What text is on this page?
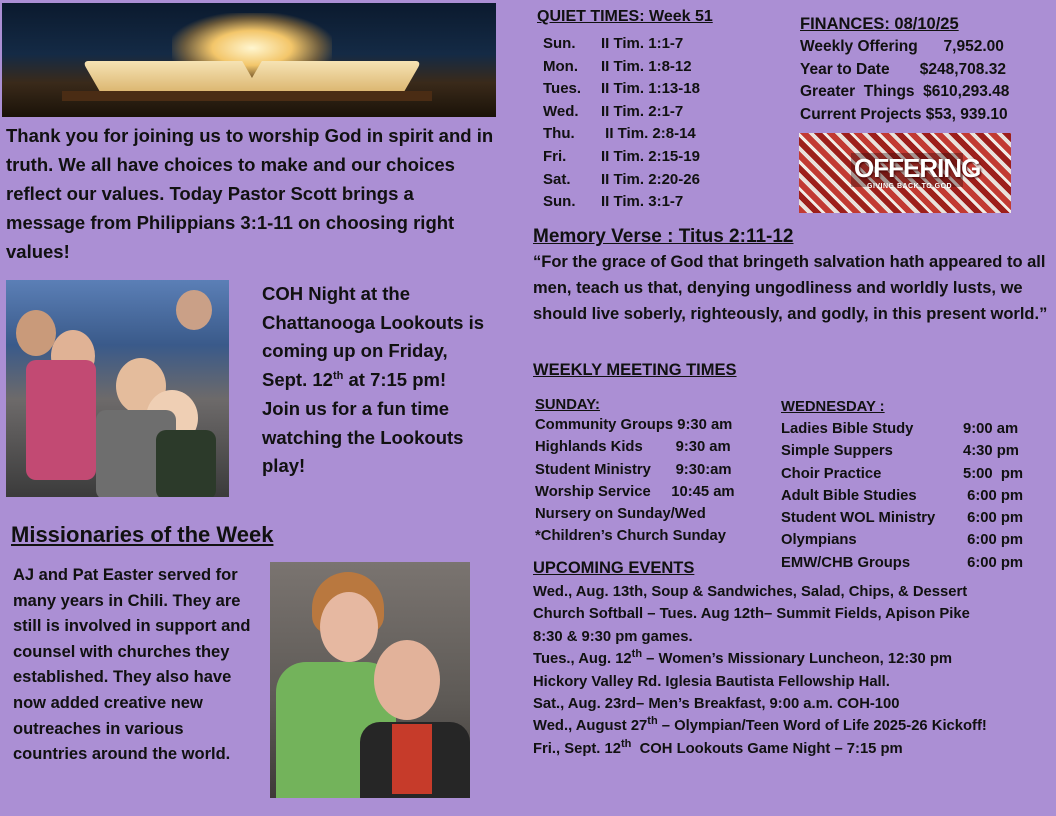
Thank you for joining us to worship God in spirit and in truth. We all have choices to make and our choices reflect our values. Today Pastor Scott brings a message from Philippians 3:1-11 on choosing right values!
COH Night at the Chattanooga Lookouts is coming up on Friday, Sept. 12th at 7:15 pm! Join us for a fun time watching the Lookouts play!
Missionaries of the Week
AJ and Pat Easter served for many years in Chili. They are still is involved in support and counsel with churches they established. They also have now added creative new outreaches in various countries around the world.
QUIET TIMES: Week 51
Sun.	II Tim. 1:1-7
Mon.	II Tim. 1:8-12
Tues.	II Tim. 1:13-18
Wed.	II Tim. 2:1-7
Thu.	II Tim. 2:8-14
Fri.	II Tim. 2:15-19
Sat.	II Tim. 2:20-26
Sun.	II Tim. 3:1-7
FINANCES: 08/10/25
Weekly Offering      7,952.00
Year to Date       $248,708.32
Greater  Things  $610,293.48
Current Projects $53, 939.10
OFFERING
GIVING BACK TO GOD
Memory Verse : Titus 2:11-12
“For the grace of God that bringeth salvation hath appeared to all men, teach us that, denying ungodliness and worldly lusts, we should live soberly, righteously, and godly, in this present world.”
WEEKLY MEETING TIMES
SUNDAY:
Community Groups 9:30 am
Highlands Kids        9:30 am
Student Ministry      9:30:am
Worship Service     10:45 am
Nursery on Sunday/Wed
*Children’s Church Sunday
WEDNESDAY :
Ladies Bible Study	9:00 am
Simple Suppers	4:30 pm
Choir Practice	5:00  pm
Adult Bible Studies	6:00 pm
Student WOL Ministry	6:00 pm
Olympians	6:00 pm
EMW/CHB Groups	6:00 pm
UPCOMING EVENTS
Wed., Aug. 13th, Soup & Sandwiches, Salad, Chips, & Dessert
Church Softball – Tues. Aug 12th– Summit Fields, Apison Pike 8:30 & 9:30 pm games.
Tues., Aug. 12th – Women’s Missionary Luncheon, 12:30 pm Hickory Valley Rd. Iglesia Bautista Fellowship Hall.
Sat., Aug. 23rd– Men’s Breakfast, 9:00 a.m. COH-100
Wed., August 27th – Olympian/Teen Word of Life 2025-26 Kickoff!
Fri., Sept. 12th  COH Lookouts Game Night – 7:15 pm
